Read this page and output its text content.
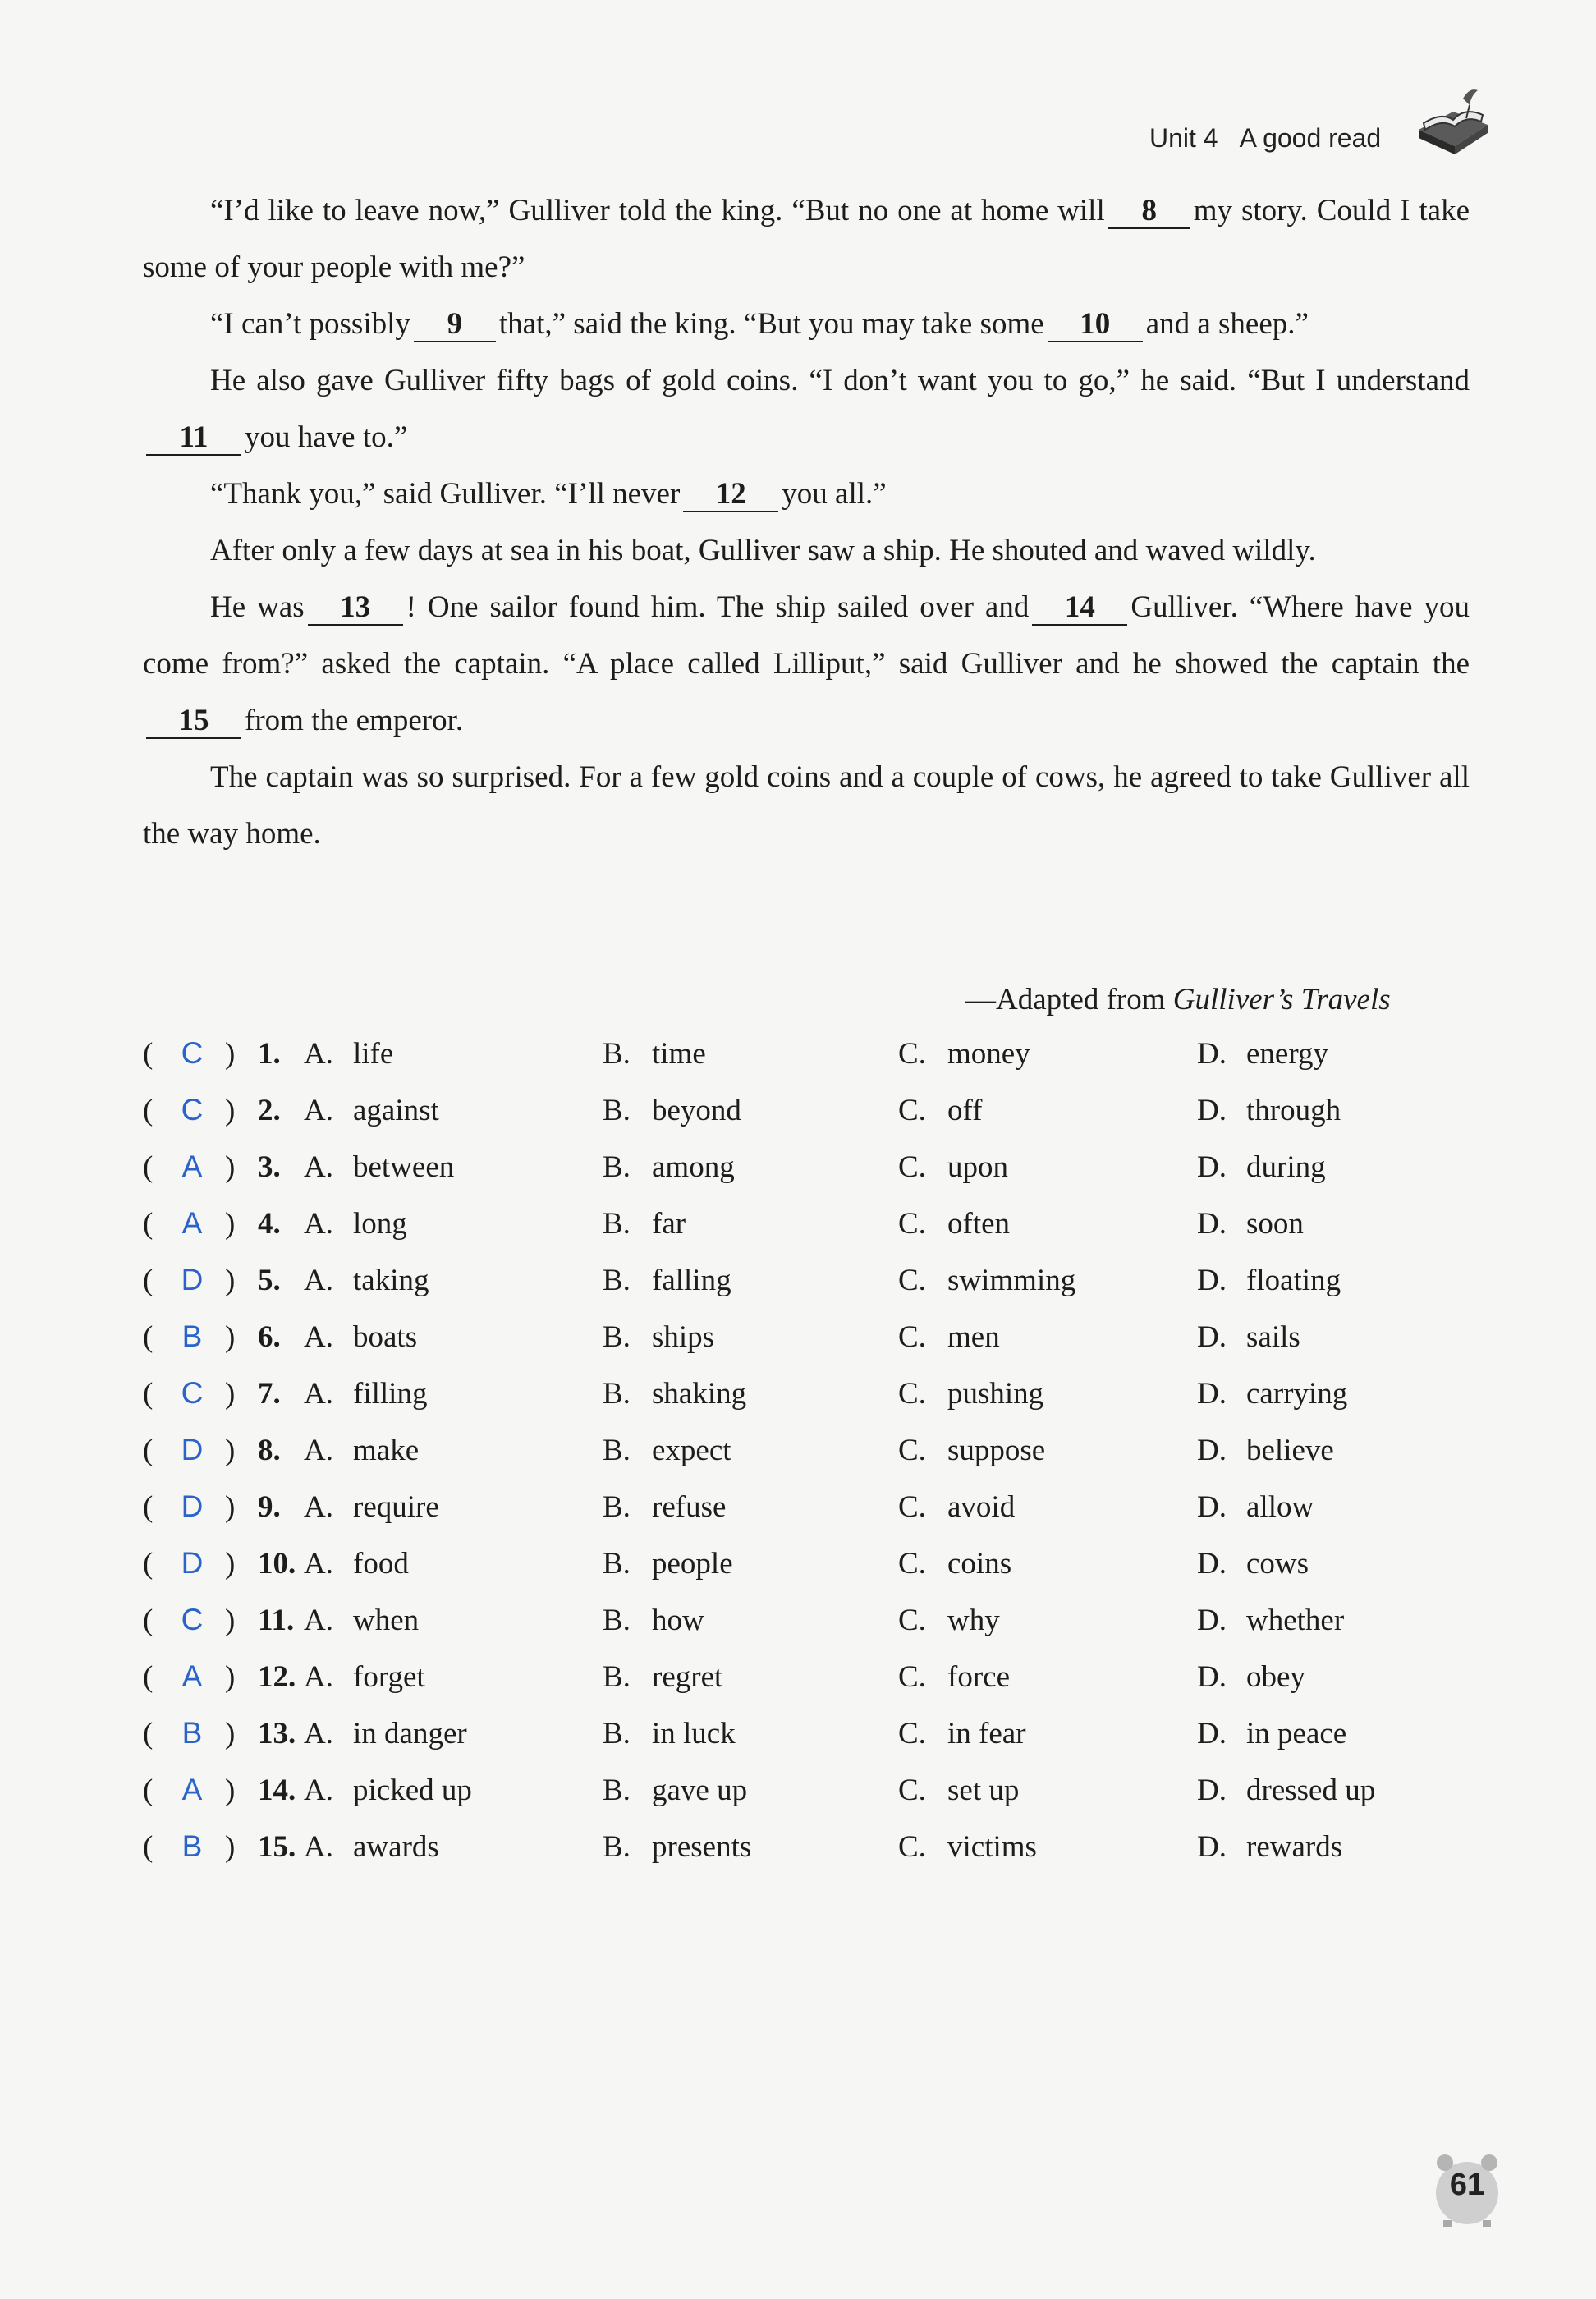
Unit 4 A good read

“I’d like to leave now,” Gulliver told the king. “But no one at home will 8 my story. Could I take some of your people with me?”

“I can’t possibly 9 that,” said the king. “But you may take some 10 and a sheep.”

He also gave Gulliver fifty bags of gold coins. “I don’t want you to go,” he said. “But I understand11 you have to.”

“Thank you,” said Gulliver. “I’ll never 12 you all.”

After only a few days at sea in his boat, Gulliver saw a ship. He shouted and waved wildly.

He was 13 ! One sailor found him. The ship sailed over and 14 Gulliver. “Where have you come from?” asked the captain. “A place called Lilliput,” said Gulliver and he showed the captain the15 from the emperor.

The captain was so surprised. For a few gold coins and a couple of cows, he agreed to take Gulliver all the way home.

—Adapted from Gulliver’s Travels
( C ) 1. A. life	B. time	C. money	D. energy
( C ) 2. A. against	B. beyond	C. off	D. through
( A ) 3. A. between	B. among	C. upon	D. during
( A ) 4. A. long	B. far	C. often	D. soon
( D ) 5. A. taking	B. falling	C. swimming	D. floating
( B ) 6. A. boats	B. ships	C. men	D. sails
( C ) 7. A. filling	B. shaking	C. pushing	D. carrying
( D ) 8. A. make	B. expect	C. suppose	D. believe
( D ) 9. A. require	B. refuse	C. avoid	D. allow
( D ) 10. A. food	B. people	C. coins	D. cows
( C ) 11. A. when	B. how	C. why	D. whether
( A ) 12. A. forget	B. regret	C. force	D. obey
( B ) 13. A. in danger	B. in luck	C. in fear	D. in peace
( A ) 14. A. picked up	B. gave up	C. set up	D. dressed up
( B ) 15. A. awards	B. presents	C. victims	D. rewards
61
